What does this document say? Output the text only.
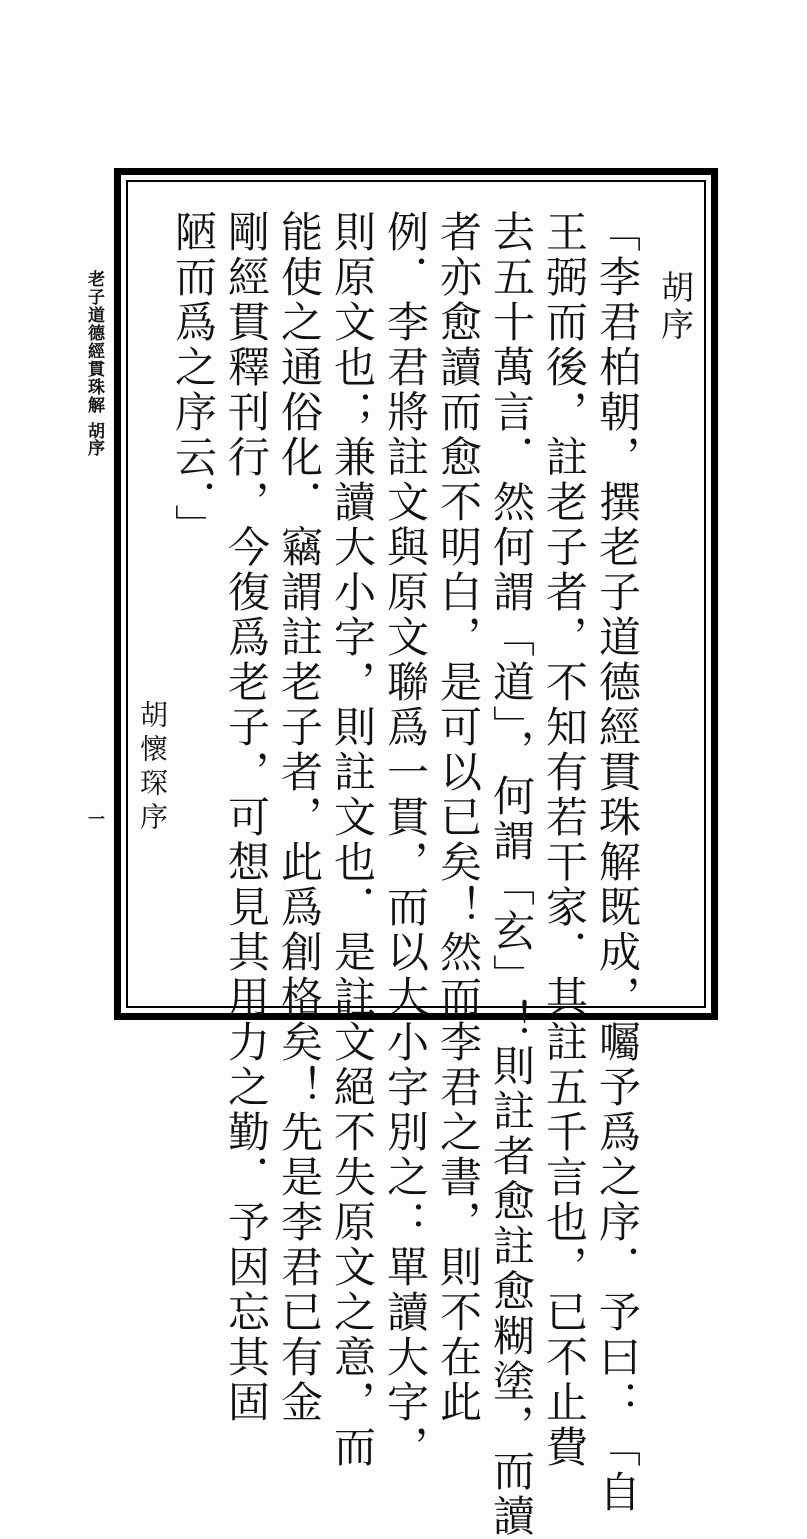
老子道德經貫珠解
胡序
一
胡序
「李君柏朝，撰老子道德經貫珠解既成，囑予爲之序．予曰：「自
王弼而後，註老子者，不知有若干家．其註五千言也，已不止費
去五十萬言．然何謂「道」，何謂「玄」！則註者愈註愈糊塗，而讀
者亦愈讀而愈不明白，是可以已矣！然而李君之書，則不在此
例．李君將註文與原文聯爲一貫，而以大小字別之：單讀大字，
則原文也；兼讀大小字，則註文也．是註文絕不失原文之意，而
能使之通俗化．竊謂註老子者，此爲創格矣！先是李君已有金
剛經貫釋刊行，今復爲老子，可想見其用力之勤．予因忘其固
陋而爲之序云．」
胡懷琛序
